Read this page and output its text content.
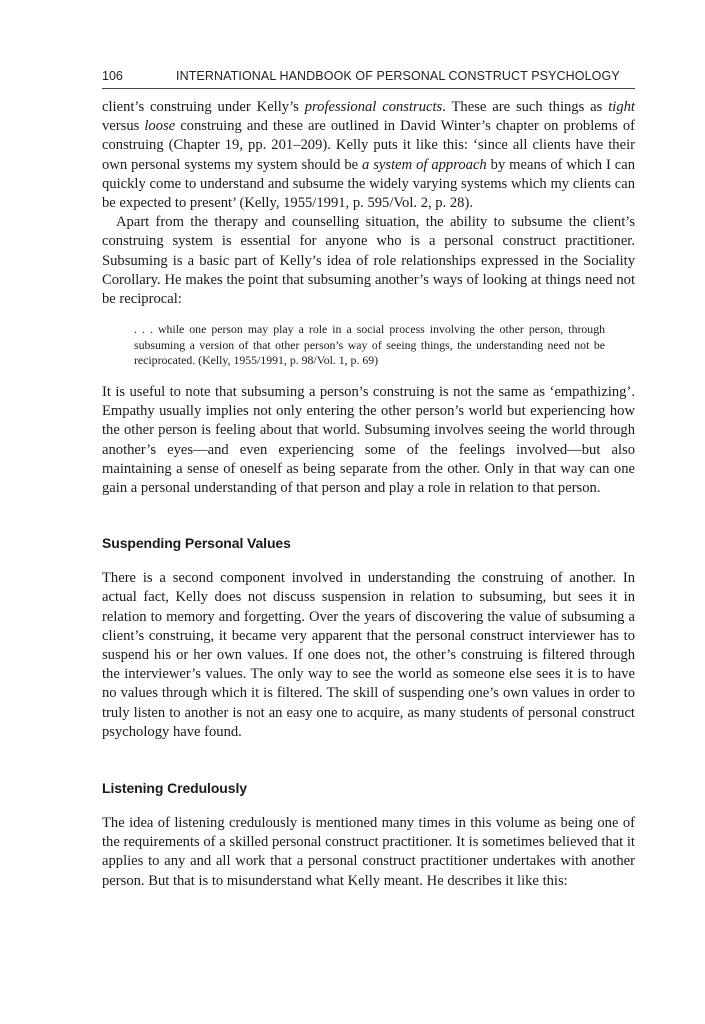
106	INTERNATIONAL HANDBOOK OF PERSONAL CONSTRUCT PSYCHOLOGY

client’s construing under Kelly’s professional constructs. These are such things as tight versus loose construing and these are outlined in David Winter’s chapter on problems of construing (Chapter 19, pp. 201–209). Kelly puts it like this: ‘since all clients have their own personal systems my system should be a system of approach by means of which I can quickly come to understand and subsume the widely varying systems which my clients can be expected to present’ (Kelly, 1955/1991, p. 595/Vol. 2, p. 28).

Apart from the therapy and counselling situation, the ability to subsume the client’s construing system is essential for anyone who is a personal construct practitioner. Subsuming is a basic part of Kelly’s idea of role relationships expressed in the Sociality Corollary. He makes the point that subsuming another’s ways of looking at things need not be reciprocal:

. . . while one person may play a role in a social process involving the other person, through subsuming a version of that other person’s way of seeing things, the understanding need not be reciprocated. (Kelly, 1955/1991, p. 98/Vol. 1, p. 69)

It is useful to note that subsuming a person’s construing is not the same as ‘empathizing’. Empathy usually implies not only entering the other person’s world but experiencing how the other person is feeling about that world. Subsuming involves seeing the world through another’s eyes—and even experiencing some of the feelings involved—but also maintaining a sense of oneself as being separate from the other. Only in that way can one gain a personal understanding of that person and play a role in relation to that person.

Suspending Personal Values

There is a second component involved in understanding the construing of another. In actual fact, Kelly does not discuss suspension in relation to subsuming, but sees it in relation to memory and forgetting. Over the years of discovering the value of subsuming a client’s construing, it became very apparent that the personal construct interviewer has to suspend his or her own values. If one does not, the other’s construing is filtered through the interviewer’s values. The only way to see the world as someone else sees it is to have no values through which it is filtered. The skill of suspending one’s own values in order to truly listen to another is not an easy one to acquire, as many students of personal construct psychology have found.

Listening Credulously

The idea of listening credulously is mentioned many times in this volume as being one of the requirements of a skilled personal construct practitioner. It is sometimes believed that it applies to any and all work that a personal construct practitioner undertakes with another person. But that is to misunderstand what Kelly meant. He describes it like this:
